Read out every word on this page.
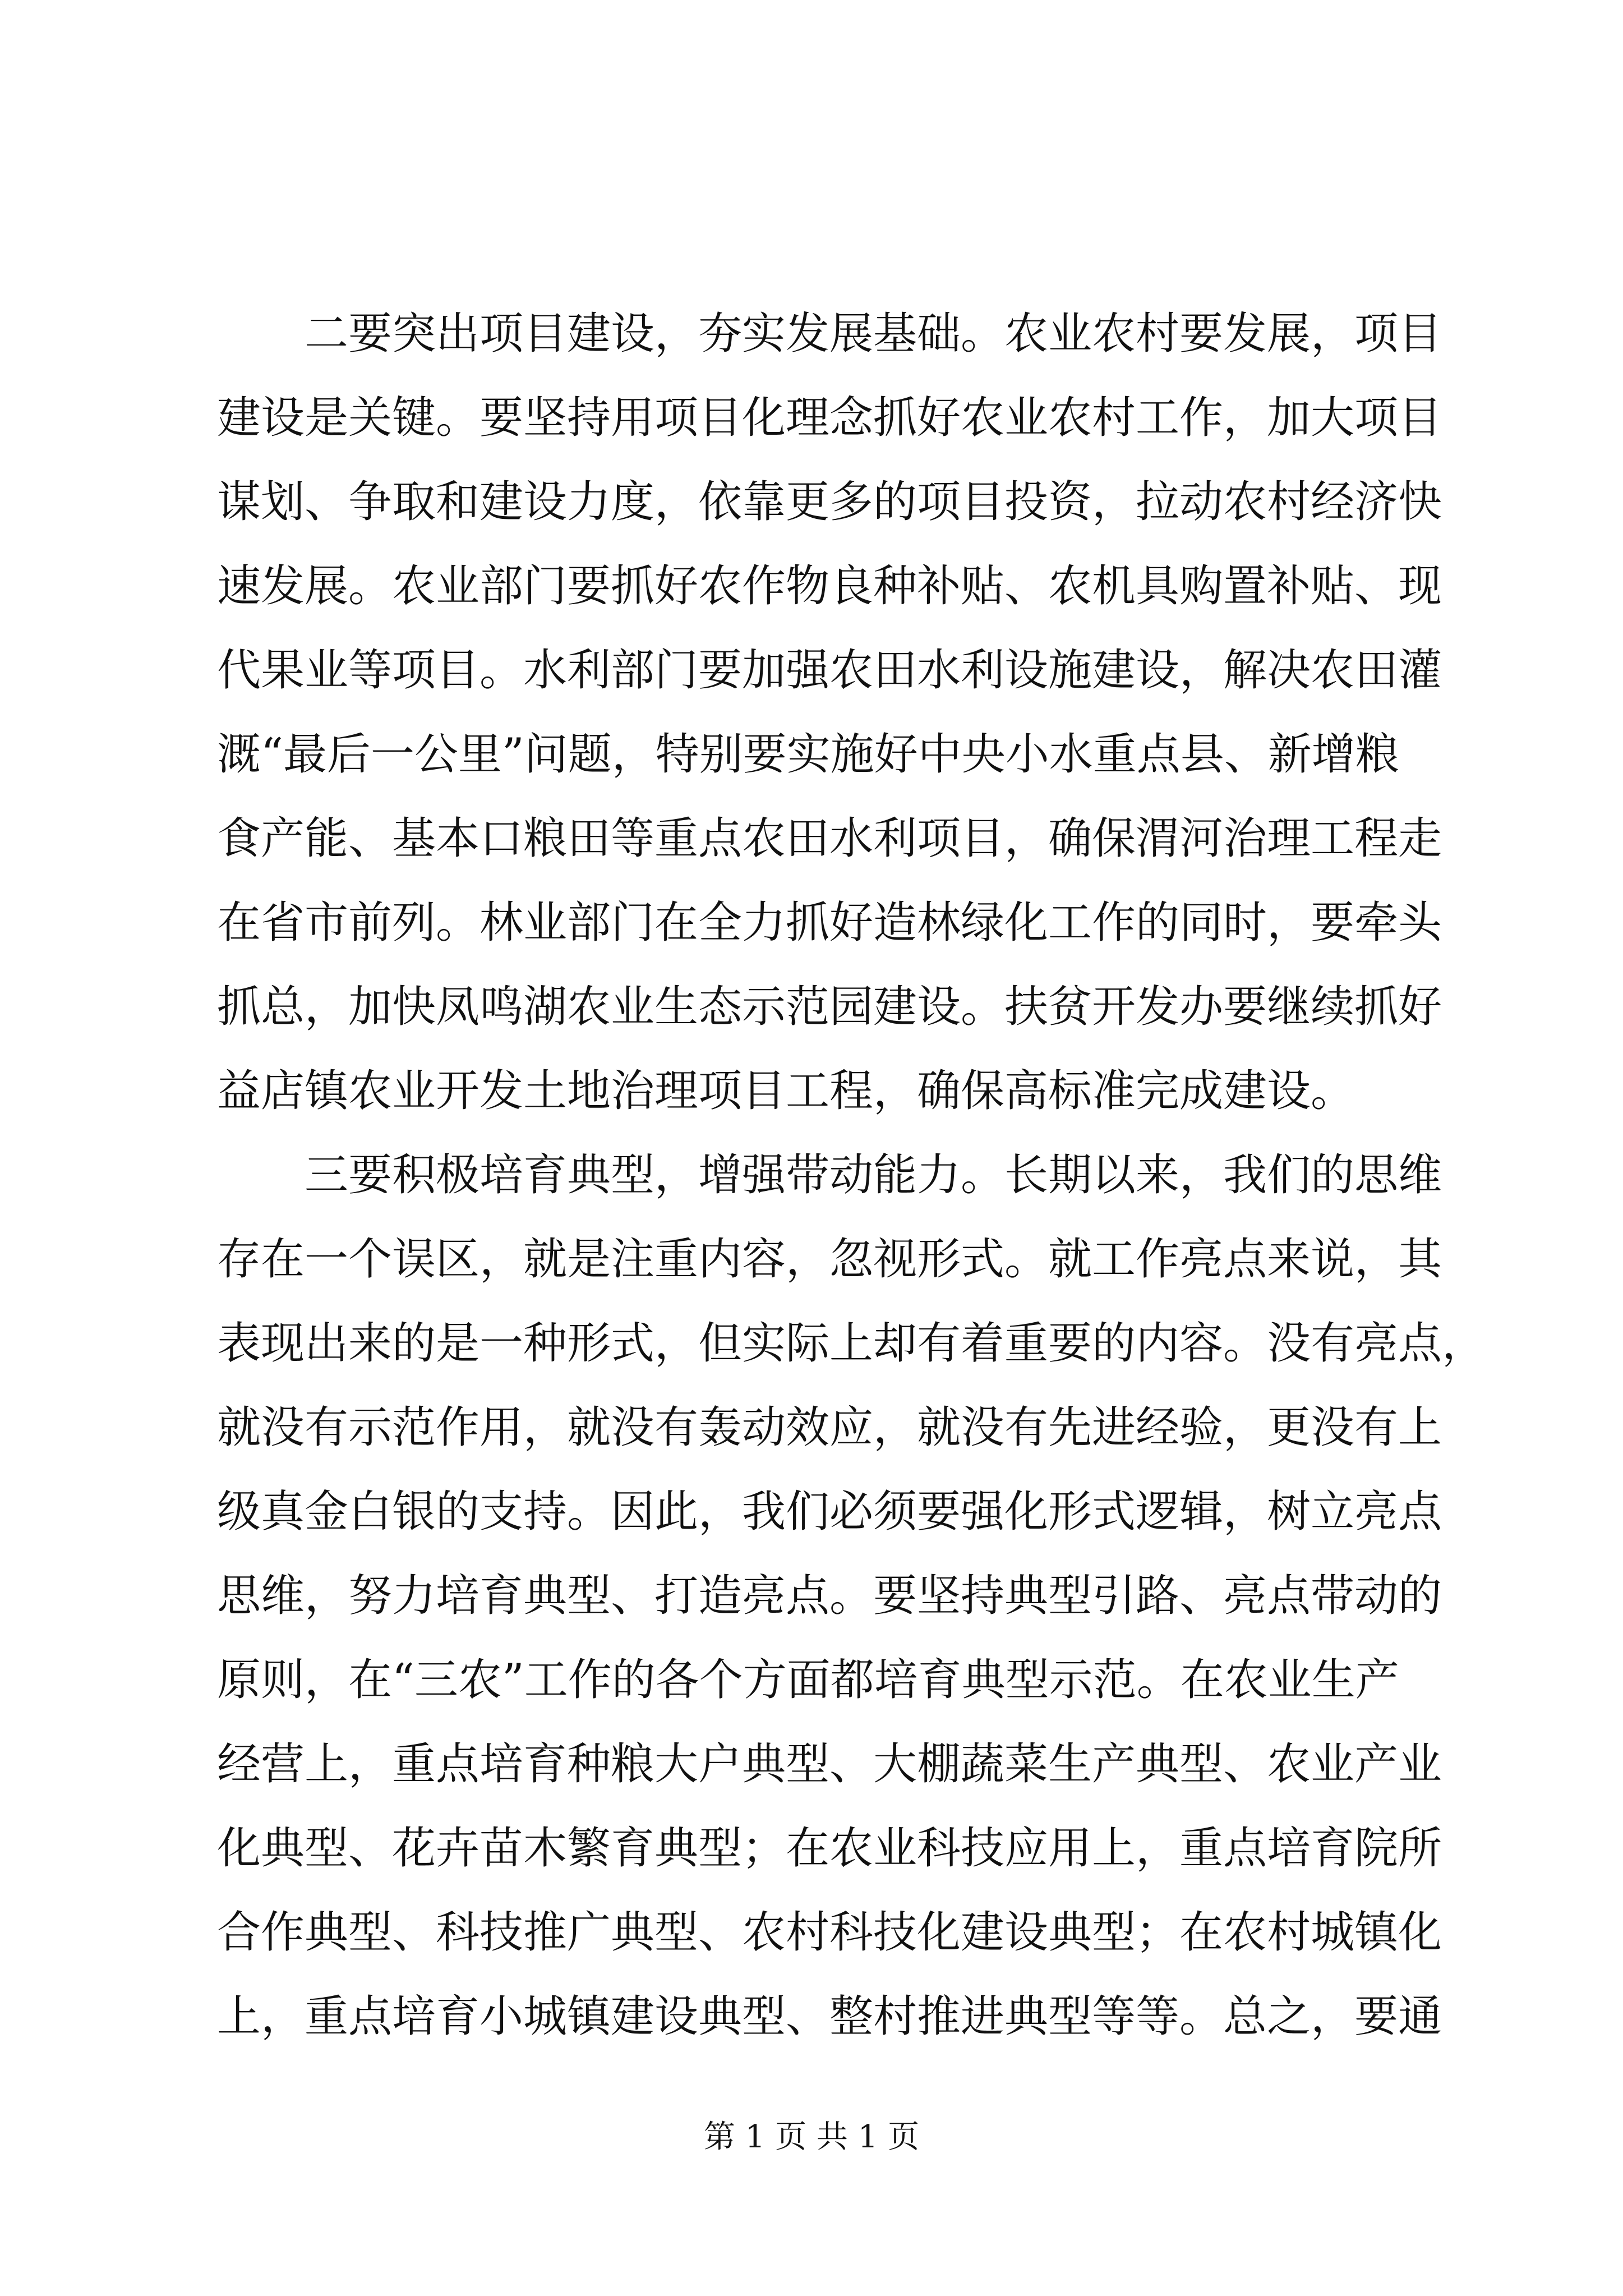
　　二要突出项目建设，夯实发展基础。农业农村要发展，项目
建设是关键。要坚持用项目化理念抓好农业农村工作，加大项目
谋划、争取和建设力度，依靠更多的项目投资，拉动农村经济快
速发展。农业部门要抓好农作物良种补贴、农机具购置补贴、现
代果业等项目。水利部门要加强农田水利设施建设，解决农田灌
溉“最后一公里”问题，特别要实施好中央小水重点县、新增粮
食产能、基本口粮田等重点农田水利项目，确保渭河治理工程走
在省市前列。林业部门在全力抓好造林绿化工作的同时，要牵头
抓总，加快凤鸣湖农业生态示范园建设。扶贫开发办要继续抓好
益店镇农业开发土地治理项目工程，确保高标准完成建设。
　　三要积极培育典型，增强带动能力。长期以来，我们的思维
存在一个误区，就是注重内容，忽视形式。就工作亮点来说，其
表现出来的是一种形式，但实际上却有着重要的内容。没有亮点，
就没有示范作用，就没有轰动效应，就没有先进经验，更没有上
级真金白银的支持。因此，我们必须要强化形式逻辑，树立亮点
思维，努力培育典型、打造亮点。要坚持典型引路、亮点带动的
原则，在“三农”工作的各个方面都培育典型示范。在农业生产
经营上，重点培育种粮大户典型、大棚蔬菜生产典型、农业产业
化典型、花卉苗木繁育典型；在农业科技应用上，重点培育院所
合作典型、科技推广典型、农村科技化建设典型；在农村城镇化
上，重点培育小城镇建设典型、整村推进典型等等。总之，要通
第 1 页 共 1 页
